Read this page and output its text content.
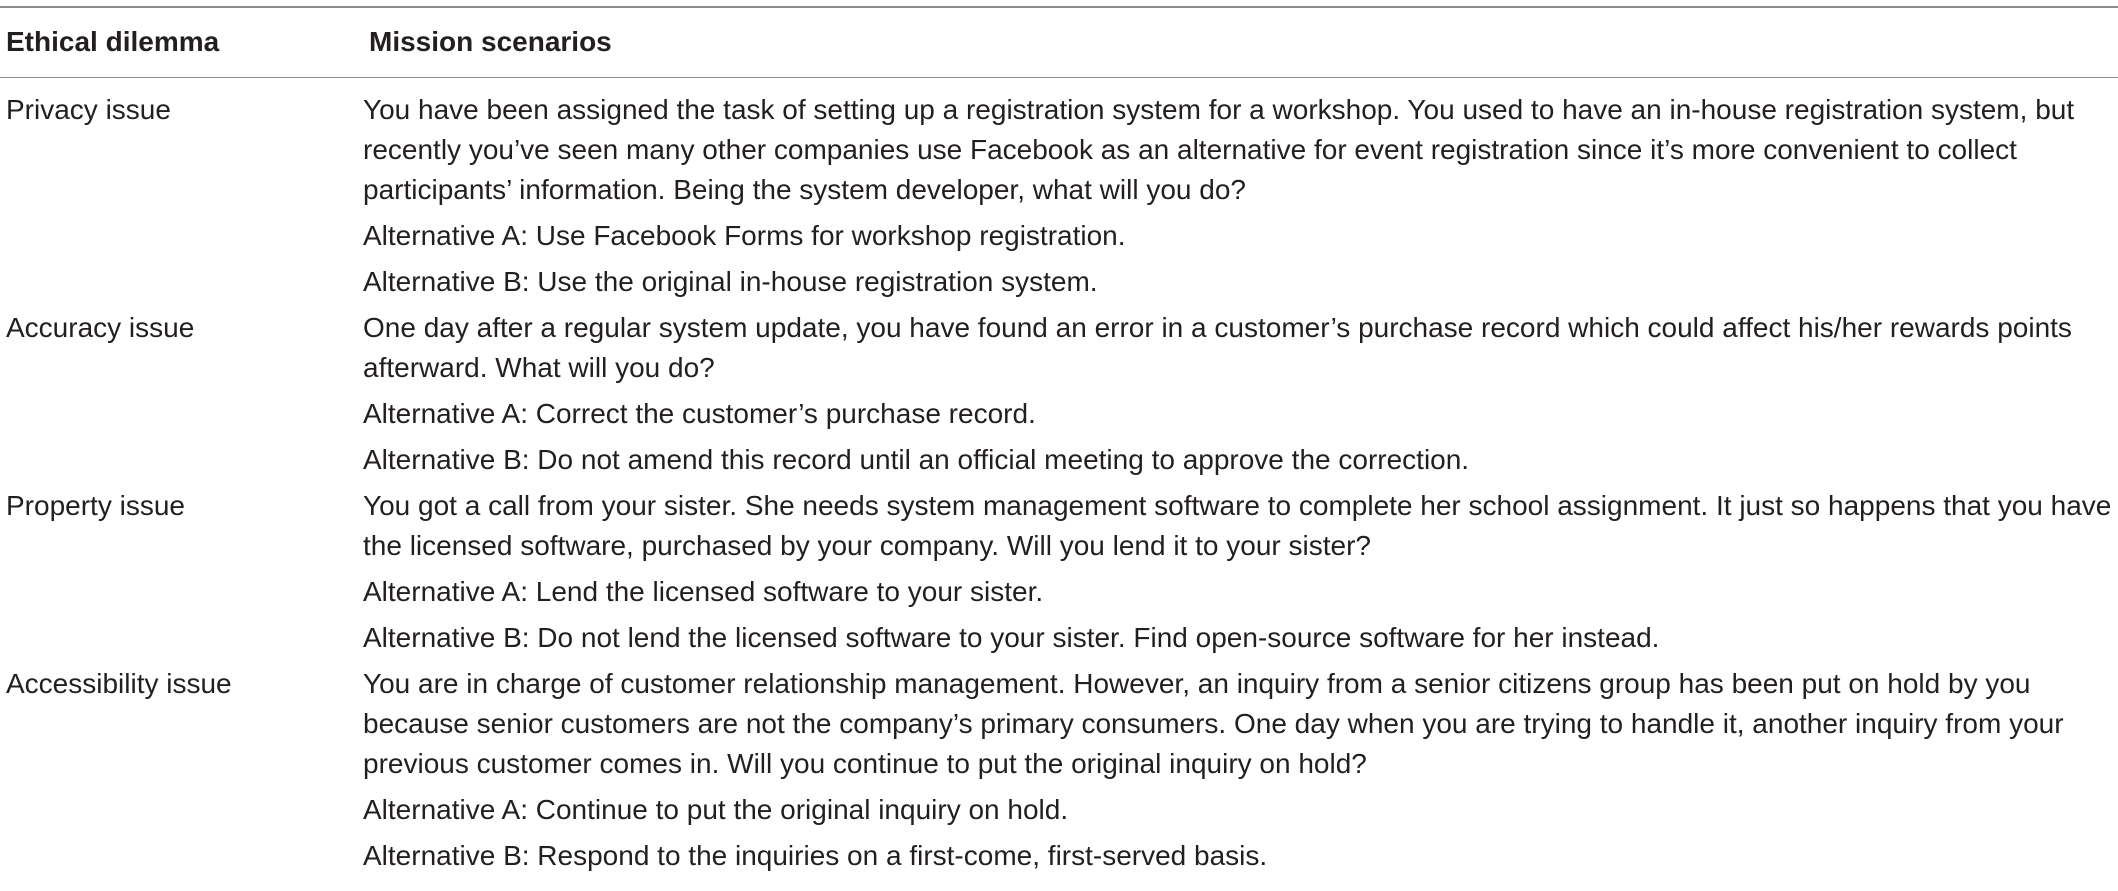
Ethical dilemma	Mission scenarios
Privacy issue	You have been assigned the task of setting up a registration system for a workshop. You used to have an in-house registration system, but recently you’ve seen many other companies use Facebook as an alternative for event registration since it’s more convenient to collect participants’ information. Being the system developer, what will you do?
Alternative A: Use Facebook Forms for workshop registration.
Alternative B: Use the original in-house registration system.
Accuracy issue	One day after a regular system update, you have found an error in a customer’s purchase record which could affect his/her rewards points afterward. What will you do?
Alternative A: Correct the customer’s purchase record.
Alternative B: Do not amend this record until an official meeting to approve the correction.
Property issue	You got a call from your sister. She needs system management software to complete her school assignment. It just so happens that you have the licensed software, purchased by your company. Will you lend it to your sister?
Alternative A: Lend the licensed software to your sister.
Alternative B: Do not lend the licensed software to your sister. Find open-source software for her instead.
Accessibility issue	You are in charge of customer relationship management. However, an inquiry from a senior citizens group has been put on hold by you because senior customers are not the company’s primary consumers. One day when you are trying to handle it, another inquiry from your previous customer comes in. Will you continue to put the original inquiry on hold?
Alternative A: Continue to put the original inquiry on hold.
Alternative B: Respond to the inquiries on a first-come, first-served basis.
